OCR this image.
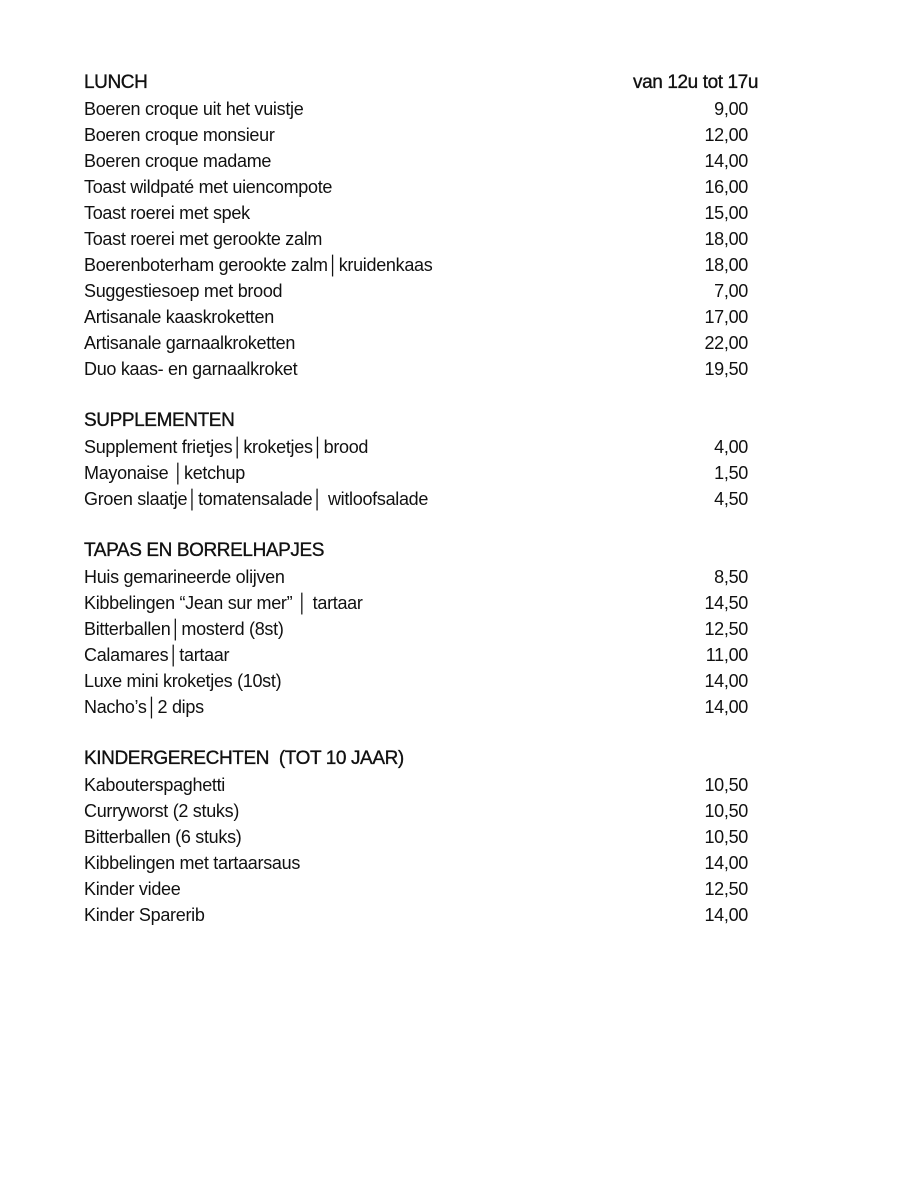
LUNCH	van 12u tot 17u
Boeren croque uit het vuistje	9,00
Boeren croque monsieur	12,00
Boeren croque madame	14,00
Toast wildpaté met uiencompote	16,00
Toast roerei met spek	15,00
Toast roerei met gerookte zalm	18,00
Boerenboterham gerookte zalm│kruidenkaas	18,00
Suggestiesoep met brood	7,00
Artisanale kaaskroketten	17,00
Artisanale garnaalkroketten	22,00
Duo kaas- en garnaalkroket	19,50
SUPPLEMENTEN
Supplement frietjes│kroketjes│brood	4,00
Mayonaise │ketchup	1,50
Groen slaatje│tomatensalade│ witloofsalade	4,50
TAPAS EN BORRELHAPJES
Huis gemarineerde olijven	8,50
Kibbelingen “Jean sur mer” │ tartaar	14,50
Bitterballen│mosterd (8st)	12,50
Calamares│tartaar	11,00
Luxe mini kroketjes (10st)	14,00
Nacho’s│2 dips	14,00
KINDERGERECHTEN  (TOT 10 JAAR)
Kabouterspaghetti	10,50
Curryworst (2 stuks)	10,50
Bitterballen (6 stuks)	10,50
Kibbelingen met tartaarsaus	14,00
Kinder videe	12,50
Kinder Sparerib	14,00
